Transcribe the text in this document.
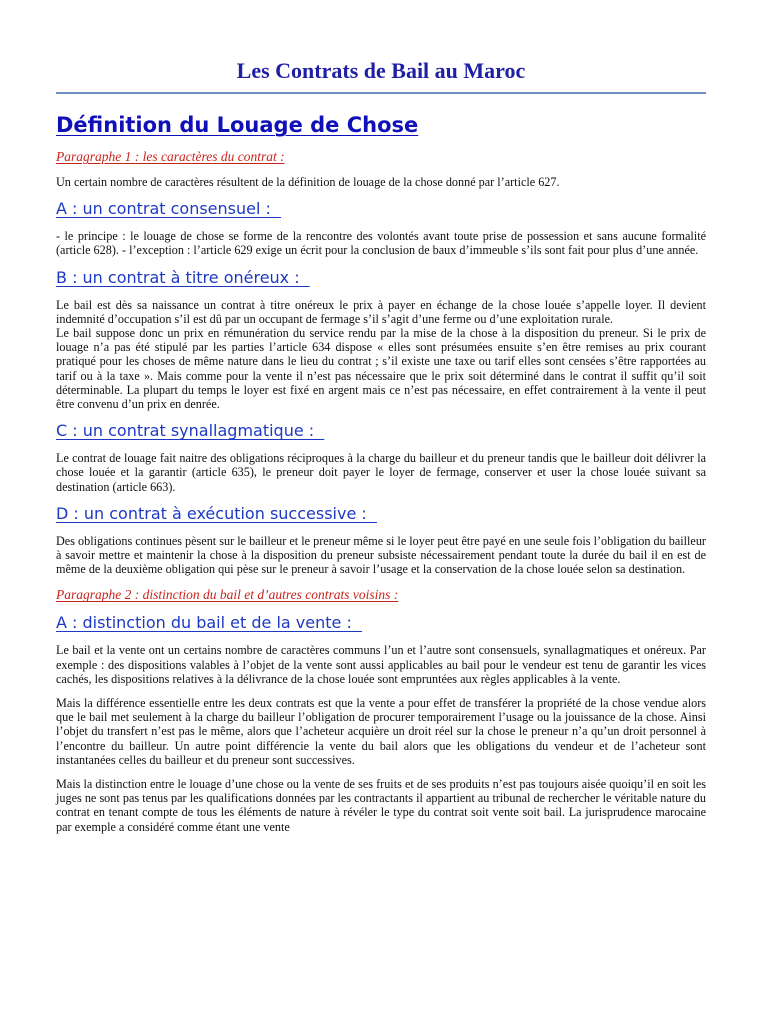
Les Contrats de Bail au Maroc
Définition du Louage de Chose

Paragraphe 1 : les caractères du contrat :

Un certain nombre de caractères résultent de la définition de louage de la chose donné par l’article 627.

A : un contrat consensuel :

- le principe : le louage de chose se forme de la rencontre des volontés avant toute prise de possession et sans aucune formalité (article 628). - l’exception : l’article 629 exige un écrit pour la conclusion de baux d’immeuble s’ils sont fait pour plus d’une année.

B : un contrat à titre onéreux :

Le bail est dès sa naissance un contrat à titre onéreux le prix à payer en échange de la chose louée s’appelle loyer. Il devient indemnité d’occupation s’il est dû par un occupant de fermage s’il s’agit d’une ferme ou d’une exploitation rurale.

Le bail suppose donc un prix en rémunération du service rendu par la mise de la chose à la disposition du preneur. Si le prix de louage n’a pas été stipulé par les parties l’article 634 dispose « elles sont présumées ensuite s’en être remises au prix courant pratiqué pour les choses de même nature dans le lieu du contrat ; s’il existe une taxe ou tarif elles sont censées s’être rapportées au tarif ou à la taxe ». Mais comme pour la vente il n’est pas nécessaire que le prix soit déterminé dans le contrat il suffit qu’il soit déterminable. La plupart du temps le loyer est fixé en argent mais ce n’est pas nécessaire, en effet contrairement à la vente il peut être convenu d’un prix en denrée.

C : un contrat synallagmatique :

Le contrat de louage fait naitre des obligations réciproques à la charge du bailleur et du preneur tandis que le bailleur doit délivrer la chose louée et la garantir (article 635), le preneur doit payer le loyer de fermage, conserver et user la chose louée suivant sa destination (article 663).

D : un contrat à exécution successive :

Des obligations continues pèsent sur le bailleur et le preneur même si le loyer peut être payé en une seule fois l’obligation du bailleur à savoir mettre et maintenir la chose à la disposition du preneur subsiste nécessairement pendant toute la durée du bail il en est de même de la deuxième obligation qui pèse sur le preneur à savoir l’usage et la conservation de la chose louée selon sa destination.

Paragraphe 2 : distinction du bail et d’autres contrats voisins :

A : distinction du bail et de la vente :

Le bail et la vente ont un certains nombre de caractères communs l’un et l’autre sont consensuels, synallagmatiques et onéreux. Par exemple : des dispositions valables à l’objet de la vente sont aussi applicables au bail pour le vendeur est tenu de garantir les vices cachés, les dispositions relatives à la délivrance de la chose louée sont empruntées aux règles applicables à la vente.

Mais la différence essentielle entre les deux contrats est que la vente a pour effet de transférer la propriété de la chose vendue alors que le bail met seulement à la charge du bailleur l’obligation de procurer temporairement l’usage ou la jouissance de la chose. Ainsi l’objet du transfert n’est pas le même, alors que l’acheteur acquière un droit réel sur la chose le preneur n’a qu’un droit personnel à l’encontre du bailleur. Un autre point différencie la vente du bail alors que les obligations du vendeur et de l’acheteur sont instantanées celles du bailleur et du preneur sont successives.

Mais la distinction entre le louage d’une chose ou la vente de ses fruits et de ses produits n’est pas toujours aisée quoiqu’il en soit les juges ne sont pas tenus par les qualifications données par les contractants il appartient au tribunal de rechercher le véritable nature du contrat en tenant compte de tous les éléments de nature à révéler le type du contrat soit vente soit bail. La jurisprudence marocaine par exemple a considéré comme étant une vente
